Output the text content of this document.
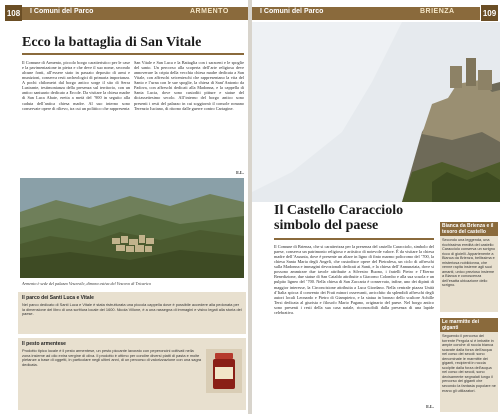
108 I Comuni del Parco	ARMENTO
Ecco la battaglia di San Vitale
Il Comune di Armento, piccolo borgo caratteristico per le case e la pavimentazione in pietra e che deve il suo nome, secondo alcune fonti, all’essere stato in passato deposito di armi e munizioni, conserva resti archeologici di primaria importanza. A pochi chilometri dal borgo antico sorge il sito di Serra Lustrante, testimonianza della presenza sul territorio, con un antico santuario dedicato a Ercole. Da visitare la chiesa madre di San Luca Abate, eretta a metà del ’900 in seguito alla caduta dell’antica chiesa madre. Al suo interno sono conservate opere di rilievo, tra cui un polittico che rappresenta
San Vitale e San Luca e la Battaglia con i saraceni e le spoglie del santo. Un percorso alla scoperta dell’arte religiosa deve annoverare la cripta della vecchia chiesa madre dedicata a San Vitale, con affreschi seicenteschi che rappresentano la vita del Santo e l’urna con le sue spoglie, la chiesa di Sant’Antonio da Padova, con affreschi dedicati alla Madonna, e la cappella di Santa Lucia, dove sono custoditi pitture e statue del diciassettesimo secolo. All’interno del borgo antico sono presenti i resti del palazzo in cui soggiornò il console romano Terenzio Iuciano, di ritorno dalle guerre contro Cartagine.
E.L.
Armento è sede del palazzo Vescovile, dimora estiva del Vescovo di Tricarico
Il parco dei Santi Luca e Vitale
Nel parco dedicato di Santi Luca e Vitale è stata ristrutturata una piccola cappella dove è possibile accedere alla pedonata per la dimensione del libro di una scrittura locale del 1600. Nicola Villone, è a una rassegna di immagini e visivo legati alla storia del paese.
Il pesto armentese
Prodotto tipico locale è il pesto armentese, un pesto piccante lavorato con peperoncini coltivati nella zona insieme ad olio extra vergine di oliva. Il prodotto è ottimo per condire diversi piatti di pasta e molte pietanze a base di oggetti, in particolare negli ultimi anni, di un percorso di valorizzazione con una sagra dedicata.
I Comuni del Parco	BRIENZA	109
Il Castello Caracciolo simbolo del paese
Il Comune di Brienza, che si caratterizza per la presenza del castello Caracciolo, simbolo del paese, conserva un patrimonio religioso e artistico di notevole valore. È da visitare la chiesa madre dell’Assunta, dove è presente un altare in ligno di finto marmo policromo del ’700, la chiesa Santa Maria degli Angeli, che custodisce opere del Pietrafesa, un ciclo di affreschi sulla Madonna e immagini devozionali dedicati ai Santi, e la chiesa dell’Annunziata, dove si possono ammirare due tavole attribuite a Silvestro Buono, i fratelli Pietro e l’Eterno Benedizione, due statue di San Cataldo attribuite a Giacomo Colombo e alla sua scuola e un pulpito ligneo del ’700. Nella chiesa di San Zaccaria è conservato, infine, uno dei dipinti di maggior interesse, la Circoncisione attribuita a Luca Giordano. Nella centrale piazza Unità d’Italia spicca il convento dei Frati minori osservanti, arricchito da splendidi affreschi degli autori locali Leonardo e Pietro di Giampietro, e la statua in bronzo dello scultore Achille Tersi dedicata al giurista e filosofo Mario Pagano, originario del paese. Nel borgo antico sono presenti i resti della sua casa natale, riconoscibili dalla presenza di una lapide celebrativa.
E.L.
Bianca da Brienza e il tesoro del castello
Secondo una leggenda, una ricchissima eredità del castello Caracciolo conserva un scrigno ricco di gioielli. Appartenente a Bianca da Brienza, bellissima e misteriosa nobildonna, che venne rapita insieme agli suoi amanti, unico prezioso insieme a Bianca e conoscenza dell’esatta ubicazione dello scrigno.
Le marmitte dei giganti
Seguendo il percorso del torrente Pergola si è imbatte in ampie conche di roccia bianca scavate dalla forza dell’acqua nel corso dei secoli: sono denominate le marmitte dei giganti, recipienti in roccia scolpite dalla forza dell’acqua nel corso dei secoli, sono decisamente segnalati lungo il percorso dei giganti che secondo la fantasia popolare ne erano gli utilizzatori.
